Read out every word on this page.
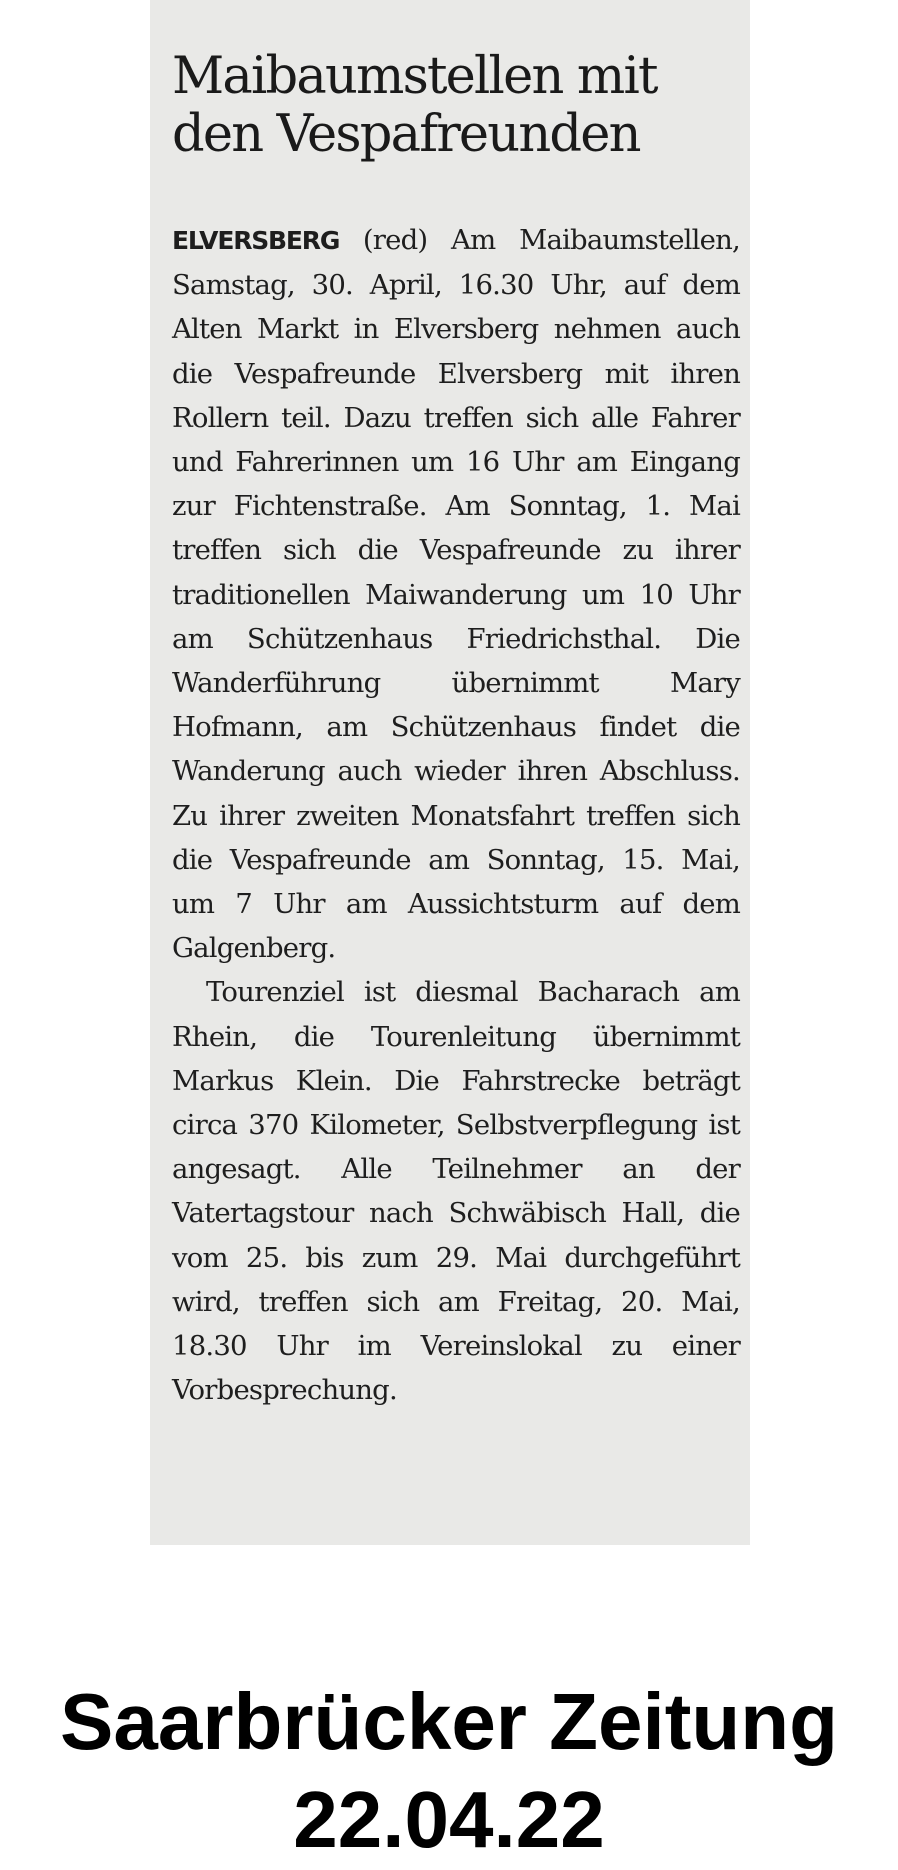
Maibaumstellen mit den Vespafreunden

ELVERSBERG (red) Am Maibaumstellen, Samstag, 30. April, 16.30 Uhr, auf dem Alten Markt in Elversberg nehmen auch die Vespafreunde Elversberg mit ihren Rollern teil. Dazu treffen sich alle Fahrer und Fahrerinnen um 16 Uhr am Eingang zur Fichtenstraße. Am Sonntag, 1. Mai treffen sich die Vespafreunde zu ihrer traditionellen Maiwanderung um 10 Uhr am Schützenhaus Friedrichsthal. Die Wanderführung übernimmt Mary Hofmann, am Schützenhaus findet die Wanderung auch wieder ihren Abschluss. Zu ihrer zweiten Monatsfahrt treffen sich die Vespafreunde am Sonntag, 15. Mai, um 7 Uhr am Aussichtsturm auf dem Galgenberg.

Tourenziel ist diesmal Bacharach am Rhein, die Tourenleitung übernimmt Markus Klein. Die Fahrstrecke beträgt circa 370 Kilometer, Selbstverpflegung ist angesagt. Alle Teilnehmer an der Vatertagstour nach Schwäbisch Hall, die vom 25. bis zum 29. Mai durchgeführt wird, treffen sich am Freitag, 20. Mai, 18.30 Uhr im Vereinslokal zu einer Vorbesprechung.

Saarbrücker Zeitung
22.04.22
